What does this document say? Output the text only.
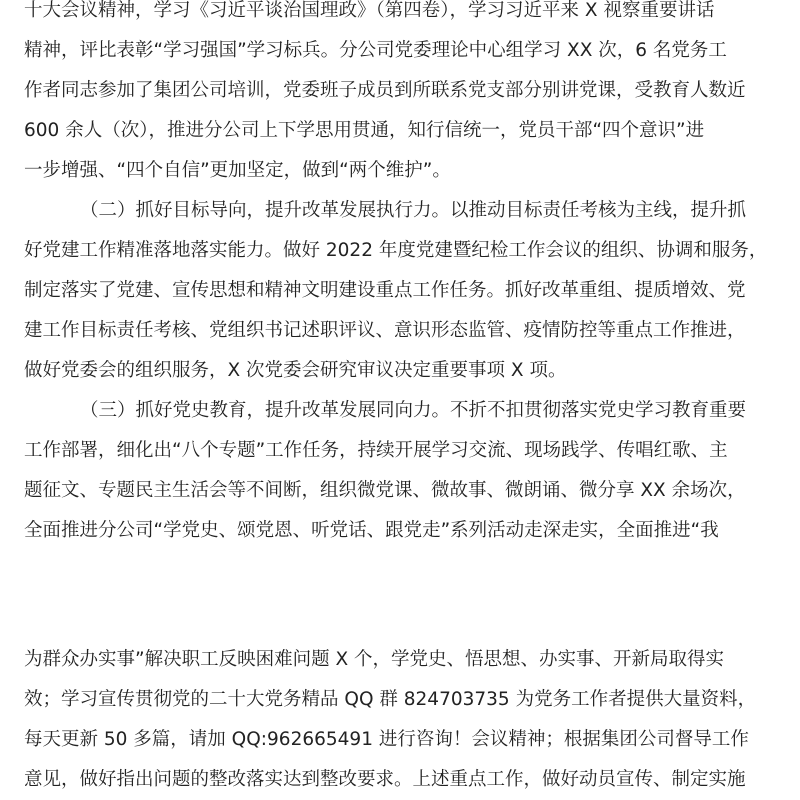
十大会议精神，学习《习近平谈治国理政》（第四卷），学习习近平来 X 视察重要讲话
精神，评比表彰“学习强国”学习标兵。分公司党委理论中心组学习 XX 次，6 名党务工
作者同志参加了集团公司培训，党委班子成员到所联系党支部分别讲党课，受教育人数近
600 余人（次），推进分公司上下学思用贯通，知行信统一，党员干部“四个意识”进
一步增强、“四个自信”更加坚定，做到“两个维护”。
（二）抓好目标导向，提升改革发展执行力。以推动目标责任考核为主线，提升抓
好党建工作精准落地落实能力。做好 2022 年度党建暨纪检工作会议的组织、协调和服务，
制定落实了党建、宣传思想和精神文明建设重点工作任务。抓好改革重组、提质增效、党
建工作目标责任考核、党组织书记述职评议、意识形态监管、疫情防控等重点工作推进，
做好党委会的组织服务，X 次党委会研究审议决定重要事项 X 项。
（三）抓好党史教育，提升改革发展同向力。不折不扣贯彻落实党史学习教育重要
工作部署，细化出“八个专题”工作任务，持续开展学习交流、现场践学、传唱红歌、主
题征文、专题民主生活会等不间断，组织微党课、微故事、微朗诵、微分享 XX 余场次，
全面推进分公司“学党史、颂党恩、听党话、跟党走”系列活动走深走实，全面推进“我
为群众办实事”解决职工反映困难问题 X 个，学党史、悟思想、办实事、开新局取得实
效；学习宣传贯彻党的二十大党务精品 QQ 群 824703735 为党务工作者提供大量资料，
每天更新 50 多篇，请加 QQ:962665491 进行咨询！会议精神；根据集团公司督导工作
意见，做好指出问题的整改落实达到整改要求。上述重点工作，做好动员宣传、制定实施
